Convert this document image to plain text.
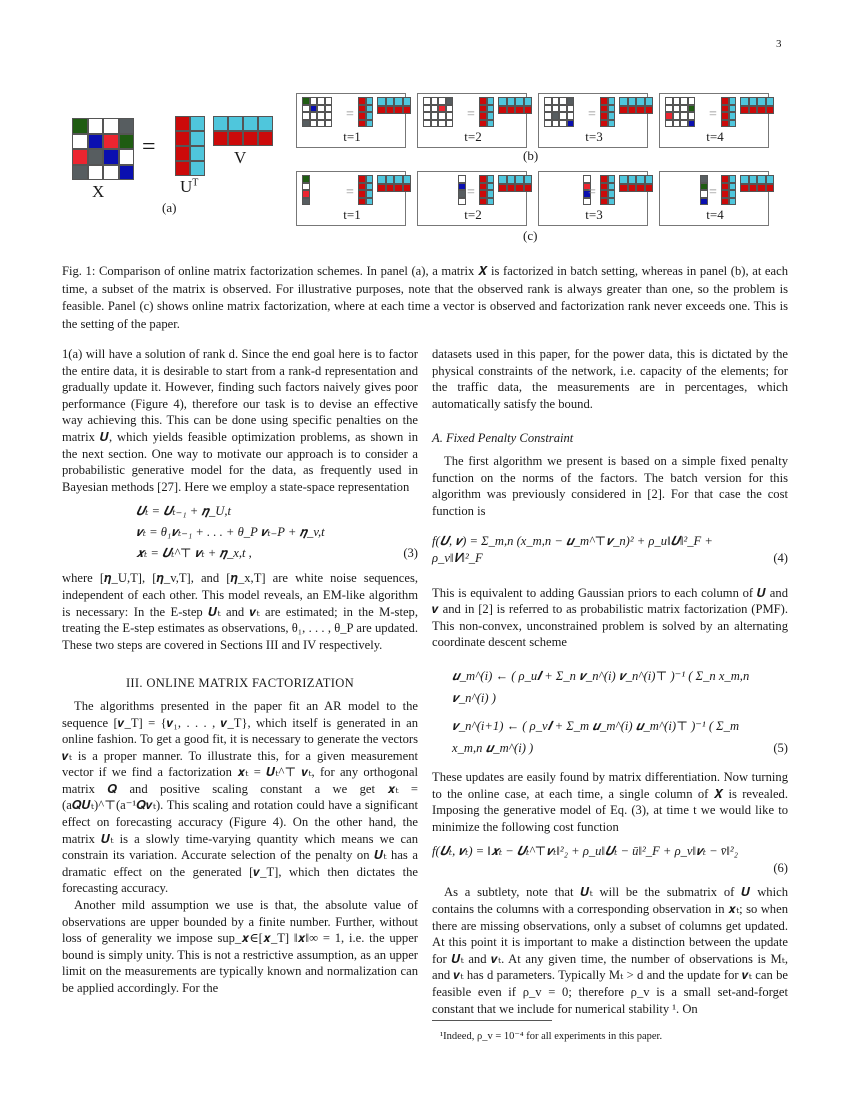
3
X
=
$U^T$
V
(a)
(b)
(c)
=
t=1
=
t=2
=
t=3
=
t=4
=
t=1
=
t=2
=
t=3
=
t=4
Fig. 1: Comparison of online matrix factorization schemes. In panel (a), a matrix 𝑿 is factorized in batch setting, whereas in panel (b), at each time, a subset of the matrix is observed. For illustrative purposes, note that the observed rank is always greater than one, so the problem is feasible. Panel (c) shows online matrix factorization, where at each time a vector is observed and factorization rank never exceeds one. This is the setting of the paper.

1(a) will have a solution of rank d. Since the end goal here is to factor the entire data, it is desirable to start from a rank-d representation and gradually update it. However, finding such factors naively gives poor performance (Figure 4), therefore our task is to devise an effective way achieving this. This can be done using specific penalties on the matrix 𝑼, which yields feasible optimization problems, as shown in the next section. One way to motivate our approach is to consider a probabilistic generative model for the data, as frequently used in Bayesian methods [27]. Here we employ a state-space representation

𝑼ₜ = 𝑼ₜ₋₁ + 𝜼_U,t
𝒗ₜ = θ₁𝒗ₜ₋₁ + . . . + θ_P 𝒗ₜ₋P + 𝜼_v,t
𝒙ₜ = 𝑼ₜ^⊤ 𝒗ₜ + 𝜼_x,t ,	(3)

where [𝜼_U,T], [𝜼_v,T], and [𝜼_x,T] are white noise sequences, independent of each other. This model reveals, an EM-like algorithm is necessary: In the E-step 𝑼ₜ and 𝒗ₜ are estimated; in the M-step, treating the E-step estimates as observations, θ₁, . . . , θ_P are updated. These two steps are covered in Sections III and IV respectively.

III. ONLINE MATRIX FACTORIZATION

The algorithms presented in the paper fit an AR model to the sequence [𝒗_T] = {𝒗₁, . . . , 𝒗_T}, which itself is generated in an online fashion. To get a good fit, it is necessary to generate the vectors 𝒗ₜ is a proper manner. To illustrate this, for a given measurement vector if we find a factorization 𝒙ₜ = 𝑼ₜ^⊤ 𝒗ₜ, for any orthogonal matrix 𝑸 and positive scaling constant a we get 𝒙ₜ = (a𝑸𝑼ₜ)^⊤(a⁻¹𝑸𝒗ₜ). This scaling and rotation could have a significant effect on forecasting accuracy (Figure 4). On the other hand, the matrix 𝑼ₜ is a slowly time-varying quantity which means we can constrain its variation. Accurate selection of the penalty on 𝑼ₜ has a dramatic effect on the generated [𝒗_T], which then dictates the forecasting accuracy.

Another mild assumption we use is that, the absolute value of observations are upper bounded by a finite number. Further, without loss of generality we impose sup_𝒙∈[𝒙_T] ‖𝒙‖∞ = 1, i.e. the upper bound is simply unity. This is not a restrictive assumption, as an upper limit on the measurements are typically known and normalization can be applied accordingly. For the

datasets used in this paper, for the power data, this is dictated by the physical constraints of the network, i.e. capacity of the elements; for the traffic data, the measurements are in percentages, which automatically satisfy the bound.

A. Fixed Penalty Constraint

The first algorithm we present is based on a simple fixed penalty function on the norms of the factors. The batch version for this algorithm was previously considered in [2]. For that case the cost function is

f(𝑼, 𝒗) = Σ_m,n (x_m,n − 𝒖_m^⊤𝒗_n)² + ρ_u‖𝑼‖²_F + ρ_v‖𝑽‖²_F	(4)

This is equivalent to adding Gaussian priors to each column of 𝑼 and 𝒗 and in [2] is referred to as probabilistic matrix factorization (PMF). This non-convex, unconstrained problem is solved by an alternating coordinate descent scheme

𝒖_m^(i) ← ( ρ_u𝑰 + Σ_n 𝒗_n^(i) 𝒗_n^(i)⊤ )⁻¹ ( Σ_n x_m,n 𝒗_n^(i) )
𝒗_n^(i+1) ← ( ρ_v𝑰 + Σ_m 𝒖_m^(i) 𝒖_m^(i)⊤ )⁻¹ ( Σ_m x_m,n 𝒖_m^(i) )	(5)

These updates are easily found by matrix differentiation. Now turning to the online case, at each time, a single column of 𝑿 is revealed. Imposing the generative model of Eq. (3), at time t we would like to minimize the following cost function

f(𝑼ₜ, 𝒗ₜ) = ‖𝒙ₜ − 𝑼ₜ^⊤𝒗ₜ‖²₂ + ρ_u‖𝑼ₜ − ū‖²_F + ρ_v‖𝒗ₜ − v̄‖²₂
(6)

As a subtlety, note that 𝑼ₜ will be the submatrix of 𝑼 which contains the columns with a corresponding observation in 𝒙ₜ; so when there are missing observations, only a subset of columns get updated. At this point it is important to make a distinction between the update for 𝑼ₜ and 𝒗ₜ. At any given time, the number of observations is Mₜ, and 𝒗ₜ has d parameters. Typically Mₜ > d and the update for 𝒗ₜ can be feasible even if ρ_v = 0; therefore ρ_v is a small set-and-forget constant that we include for numerical stability ¹. On

¹Indeed, ρ_v = 10⁻⁴ for all experiments in this paper.
